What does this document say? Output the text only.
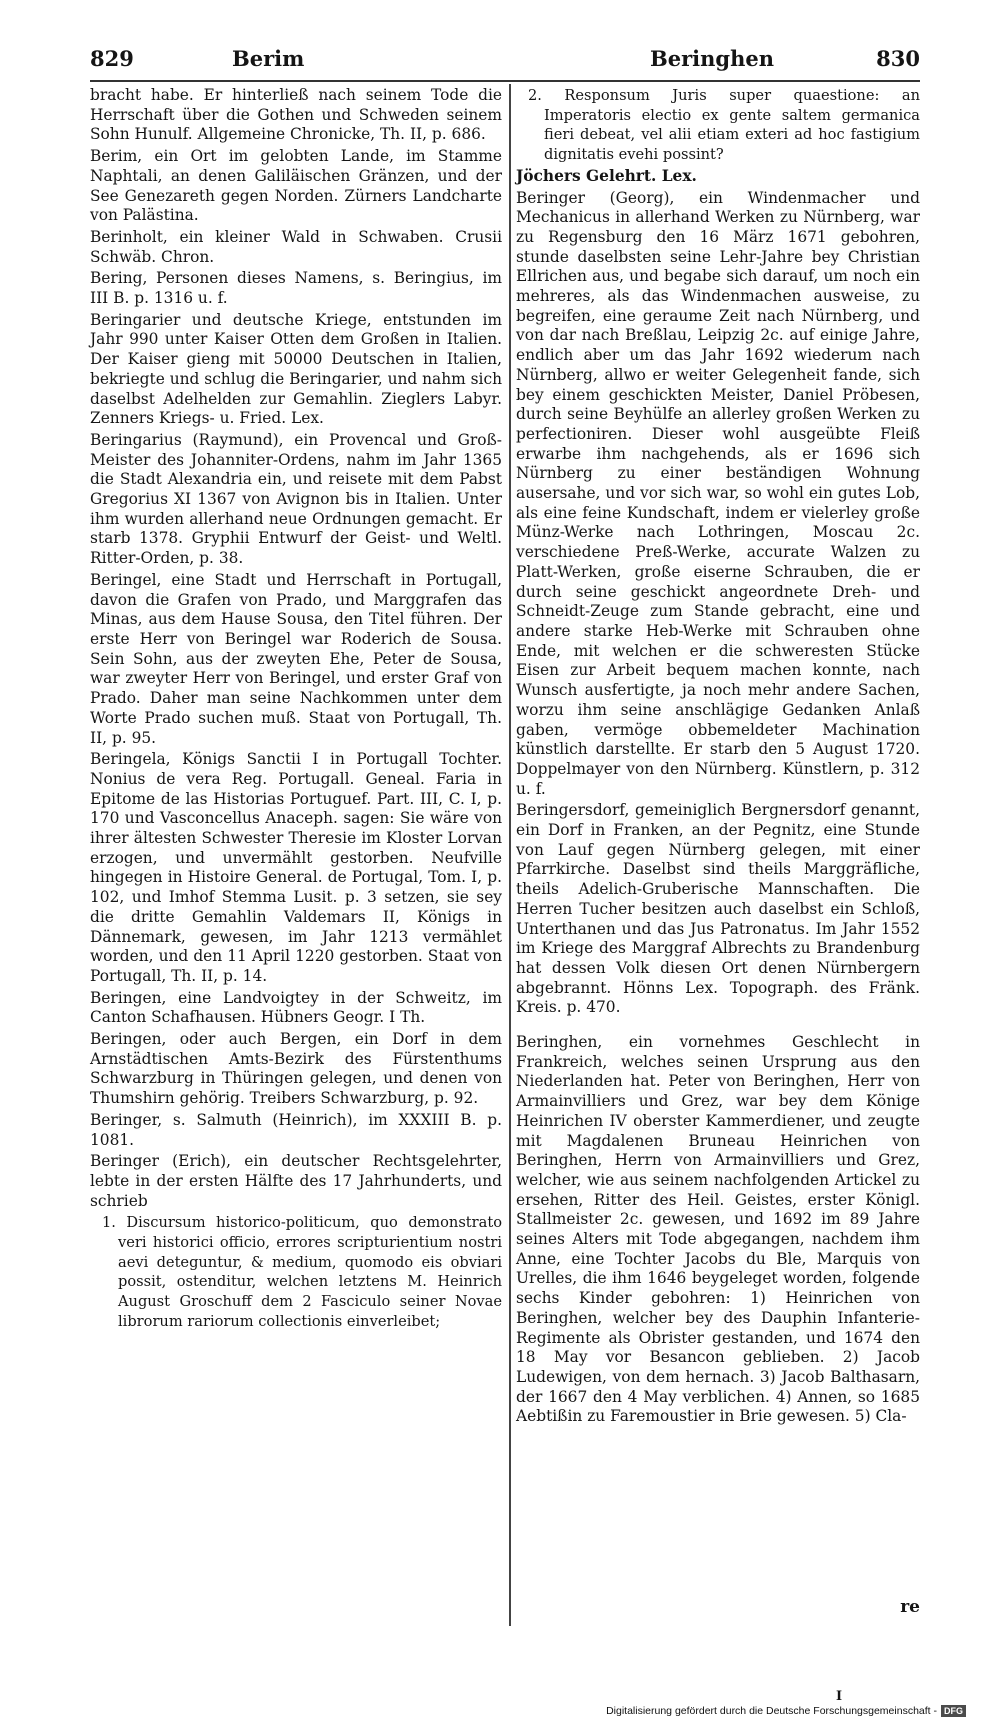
829	Berim	Beringhen	830

bracht habe. Er hinterließ nach seinem Tode die Herrschaft über die Gothen und Schweden seinem Sohn Hunulf. Allgemeine Chronicke, Th. II, p. 686.

Berim, ein Ort im gelobten Lande, im Stamme Naphtali, an denen Galiläischen Gränzen, und der See Genezareth gegen Norden. Zürners Landcharte von Palästina.

Berinholt, ein kleiner Wald in Schwaben. Crusii Schwäb. Chron.

Bering, Personen dieses Namens, s. Beringius, im III B. p. 1316 u. f.

Beringarier und deutsche Kriege, entstunden im Jahr 990 unter Kaiser Otten dem Großen in Italien. Der Kaiser gieng mit 50000 Deutschen in Italien, bekriegte und schlug die Beringarier, und nahm sich daselbst Adelhelden zur Gemahlin. Zieglers Labyr. Zenners Kriegs- u. Fried. Lex.

Beringarius (Raymund), ein Provencal und Groß-Meister des Johanniter-Ordens, nahm im Jahr 1365 die Stadt Alexandria ein, und reisete mit dem Pabst Gregorius XI 1367 von Avignon bis in Italien. Unter ihm wurden allerhand neue Ordnungen gemacht. Er starb 1378. Gryphii Entwurf der Geist- und Weltl. Ritter-Orden, p. 38.

Beringel, eine Stadt und Herrschaft in Portugall, davon die Grafen von Prado, und Marggrafen das Minas, aus dem Hause Sousa, den Titel führen. Der erste Herr von Beringel war Roderich de Sousa. Sein Sohn, aus der zweyten Ehe, Peter de Sousa, war zweyter Herr von Beringel, und erster Graf von Prado. Daher man seine Nachkommen unter dem Worte Prado suchen muß. Staat von Portugall, Th. II, p. 95.

Beringela, Königs Sanctii I in Portugall Tochter. Nonius de vera Reg. Portugall. Geneal. Faria in Epitome de las Historias Portuguef. Part. III, C. I, p. 170 und Vasconcellus Anaceph. sagen: Sie wäre von ihrer ältesten Schwester Theresie im Kloster Lorvan erzogen, und unvermählt gestorben. Neufville hingegen in Histoire General. de Portugal, Tom. I, p. 102, und Imhof Stemma Lusit. p. 3 setzen, sie sey die dritte Gemahlin Valdemars II, Königs in Dännemark, gewesen, im Jahr 1213 vermählet worden, und den 11 April 1220 gestorben. Staat von Portugall, Th. II, p. 14.

Beringen, eine Landvoigtey in der Schweitz, im Canton Schafhausen. Hübners Geogr. I Th.

Beringen, oder auch Bergen, ein Dorf in dem Arnstädtischen Amts-Bezirk des Fürstenthums Schwarzburg in Thüringen gelegen, und denen von Thumshirn gehörig. Treibers Schwarzburg, p. 92.

Beringer, s. Salmuth (Heinrich), im XXXIII B. p. 1081.

Beringer (Erich), ein deutscher Rechtsgelehrter, lebte in der ersten Hälfte des 17 Jahrhunderts, und schrieb

1. Discursum historico-politicum, quo demonstrato veri historici officio, errores scripturientium nostri aevi deteguntur, & medium, quomodo eis obviari possit, ostenditur, welchen letztens M. Heinrich August Groschuff dem 2 Fasciculo seiner Novae librorum rariorum collectionis einverleibet;

2. Responsum Juris super quaestione: an Imperatoris electio ex gente saltem germanica fieri debeat, vel alii etiam exteri ad hoc fastigium dignitatis evehi possint?

Jöchers Gelehrt. Lex.

Beringer (Georg), ein Windenmacher und Mechanicus in allerhand Werken zu Nürnberg, war zu Regensburg den 16 März 1671 gebohren, stunde daselbsten seine Lehr-Jahre bey Christian Ellrichen aus, und begabe sich darauf, um noch ein mehreres, als das Windenmachen ausweise, zu begreifen, eine geraume Zeit nach Nürnberg, und von dar nach Breßlau, Leipzig 2c. auf einige Jahre, endlich aber um das Jahr 1692 wiederum nach Nürnberg, allwo er weiter Gelegenheit fande, sich bey einem geschickten Meister, Daniel Pröbesen, durch seine Beyhülfe an allerley großen Werken zu perfectioniren. Dieser wohl ausgeübte Fleiß erwarbe ihm nachgehends, als er 1696 sich Nürnberg zu einer beständigen Wohnung ausersahe, und vor sich war, so wohl ein gutes Lob, als eine feine Kundschaft, indem er vielerley große Münz-Werke nach Lothringen, Moscau 2c. verschiedene Preß-Werke, accurate Walzen zu Platt-Werken, große eiserne Schrauben, die er durch seine geschickt angeordnete Dreh- und Schneidt-Zeuge zum Stande gebracht, eine und andere starke Heb-Werke mit Schrauben ohne Ende, mit welchen er die schweresten Stücke Eisen zur Arbeit bequem machen konnte, nach Wunsch ausfertigte, ja noch mehr andere Sachen, worzu ihm seine anschlägige Gedanken Anlaß gaben, vermöge obbemeldeter Machination künstlich darstellte. Er starb den 5 August 1720. Doppelmayer von den Nürnberg. Künstlern, p. 312 u. f.

Beringersdorf, gemeiniglich Bergnersdorf genannt, ein Dorf in Franken, an der Pegnitz, eine Stunde von Lauf gegen Nürnberg gelegen, mit einer Pfarrkirche. Daselbst sind theils Marggräfliche, theils Adelich-Gruberische Mannschaften. Die Herren Tucher besitzen auch daselbst ein Schloß, Unterthanen und das Jus Patronatus. Im Jahr 1552 im Kriege des Marggraf Albrechts zu Brandenburg hat dessen Volk diesen Ort denen Nürnbergern abgebrannt. Hönns Lex. Topograph. des Fränk. Kreis. p. 470.

Beringhen, ein vornehmes Geschlecht in Frankreich, welches seinen Ursprung aus den Niederlanden hat. Peter von Beringhen, Herr von Armainvilliers und Grez, war bey dem Könige Heinrichen IV oberster Kammerdiener, und zeugte mit Magdalenen Bruneau Heinrichen von Beringhen, Herrn von Armainvilliers und Grez, welcher, wie aus seinem nachfolgenden Artickel zu ersehen, Ritter des Heil. Geistes, erster Königl. Stallmeister 2c. gewesen, und 1692 im 89 Jahre seines Alters mit Tode abgegangen, nachdem ihm Anne, eine Tochter Jacobs du Ble, Marquis von Urelles, die ihm 1646 beygeleget worden, folgende sechs Kinder gebohren: 1) Heinrichen von Beringhen, welcher bey des Dauphin Infanterie-Regimente als Obrister gestanden, und 1674 den 18 May vor Besancon geblieben. 2) Jacob Ludewigen, von dem hernach. 3) Jacob Balthasarn, der 1667 den 4 May verblichen. 4) Annen, so 1685 Aebtißin zu Faremoustier in Brie gewesen. 5) Cla-

re
I
Digitalisierung gefördert durch die Deutsche Forschungsgemeinschaft - DFG
